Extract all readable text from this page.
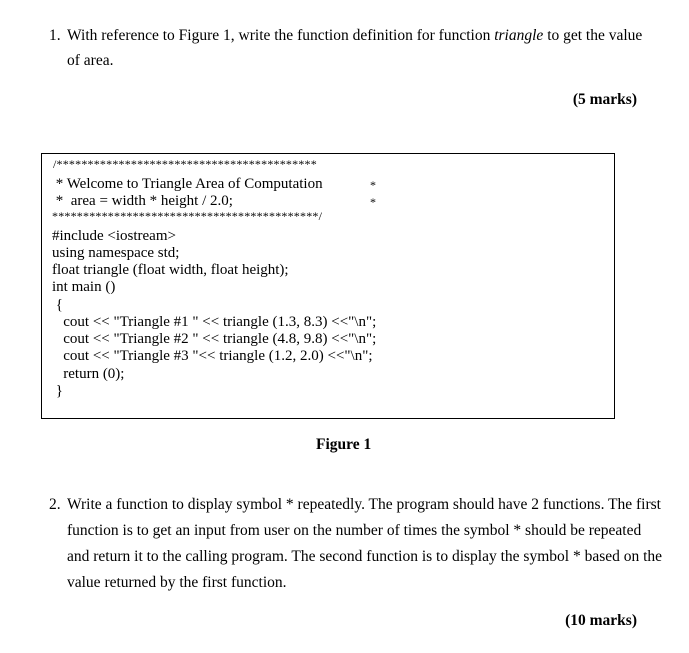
1. With reference to Figure 1, write the function definition for function triangle to get the value
of area.
(5 marks)
/******************************************
* Welcome to Triangle Area of Computation	*
*  area = width * height / 2.0;	*
*******************************************/
#include <iostream>
using namespace std;
float triangle (float width, float height);
int main ()
{
cout << "Triangle #1 " << triangle (1.3, 8.3) <<"\n";
cout << "Triangle #2 " << triangle (4.8, 9.8) <<"\n";
cout << "Triangle #3 "<< triangle (1.2, 2.0) <<"\n";
return (0);
}
Figure 1
2. Write a function to display symbol * repeatedly. The program should have 2 functions. The first
function is to get an input from user on the number of times the symbol * should be repeated
and return it to the calling program. The second function is to display the symbol * based on the
value returned by the first function.
(10 marks)
